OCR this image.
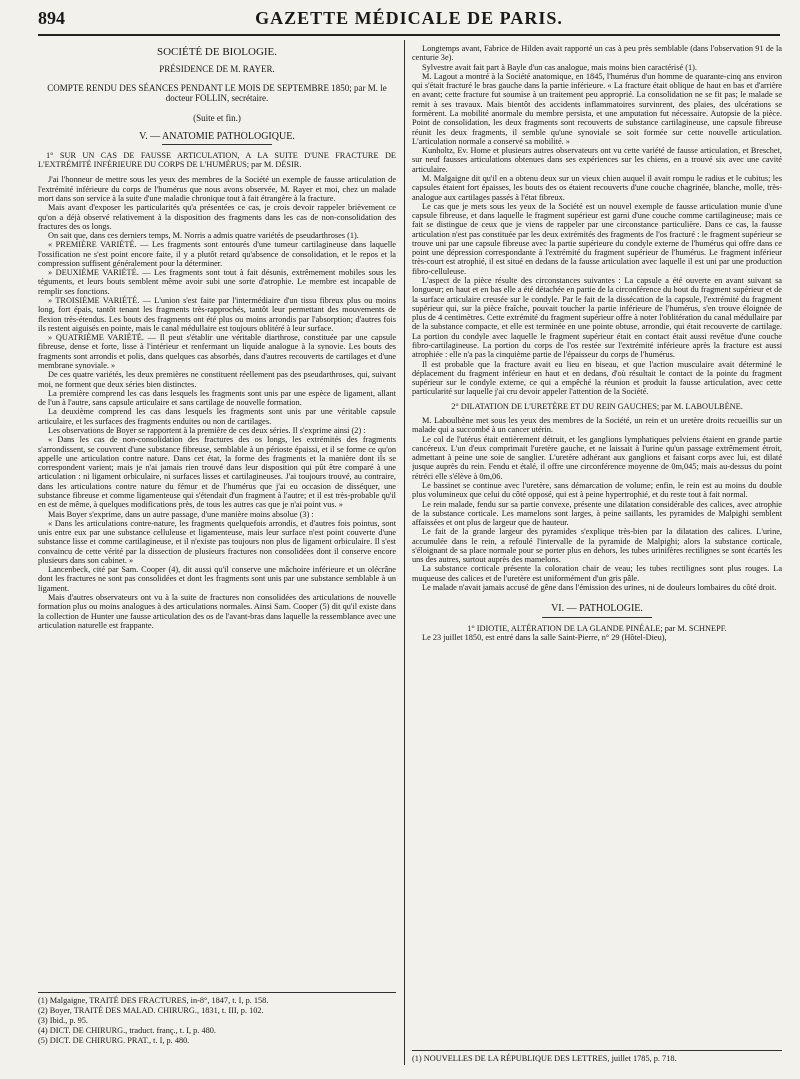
894	GAZETTE MÉDICALE DE PARIS.

SOCIÉTÉ DE BIOLOGIE.

PRÉSIDENCE DE M. RAYER.

COMPTE RENDU DES SÉANCES PENDANT LE MOIS DE SEPTEMBRE 1850; par M. le docteur FOLLIN, secrétaire.

(Suite et fin.)

V. — ANATOMIE PATHOLOGIQUE.

1° SUR UN CAS DE FAUSSE ARTICULATION, A LA SUITE D'UNE FRACTURE DE L'EXTRÉMITÉ INFÉRIEURE DU CORPS DE L'HUMÉRUS; par M. DÉSIR.

J'ai l'honneur de mettre sous les yeux des membres de la Société un exemple de fausse articulation de l'extrémité inférieure du corps de l'humérus que nous avons observée, M. Rayer et moi, chez un malade mort dans son service à la suite d'une maladie chronique tout à fait étrangère à la fracture.

Mais avant d'exposer les particularités qu'a présentées ce cas, je crois devoir rappeler brièvement ce qu'on a déjà observé relativement à la disposition des fragments dans les cas de non-consolidation des fractures des os longs.

On sait que, dans ces derniers temps, M. Norris a admis quatre variétés de pseudarthroses (1).

« PREMIÈRE VARIÉTÉ. — Les fragments sont entourés d'une tumeur cartilagineuse dans laquelle l'ossification ne s'est point encore faite, il y a plutôt retard qu'absence de consolidation, et le repos et la compression suffisent généralement pour la déterminer.

» DEUXIÈME VARIÉTÉ. — Les fragments sont tout à fait désunis, extrêmement mobiles sous les téguments, et leurs bouts semblent même avoir subi une sorte d'atrophie. Le membre est incapable de remplir ses fonctions.

» TROISIÈME VARIÉTÉ. — L'union s'est faite par l'intermédiaire d'un tissu fibreux plus ou moins long, fort épais, tantôt tenant les fragments très-rapprochés, tantôt leur permettant des mouvements de flexion très-étendus. Les bouts des fragments ont été plus ou moins arrondis par l'absorption; d'autres fois ils restent aiguisés en pointe, mais le canal médullaire est toujours oblitéré à leur surface.

» QUATRIÈME VARIÉTÉ. — Il peut s'établir une véritable diarthrose, constituée par une capsule fibreuse, dense et forte, lisse à l'intérieur et renfermant un liquide analogue à la synovie. Les bouts des fragments sont arrondis et polis, dans quelques cas absorbés, dans d'autres recouverts de cartilages et d'une membrane synoviale. »

De ces quatre variétés, les deux premières ne constituent réellement pas des pseudarthroses, qui, suivant moi, ne forment que deux séries bien distinctes.

La première comprend les cas dans lesquels les fragments sont unis par une espèce de ligament, allant de l'un à l'autre, sans capsule articulaire et sans cartilage de nouvelle formation.

La deuxième comprend les cas dans lesquels les fragments sont unis par une véritable capsule articulaire, et les surfaces des fragments enduites ou non de cartilages.

Les observations de Boyer se rapportent à la première de ces deux séries. Il s'exprime ainsi (2) :

« Dans les cas de non-consolidation des fractures des os longs, les extrémités des fragments s'arrondissent, se couvrent d'une substance fibreuse, semblable à un périoste épaissi, et il se forme ce qu'on appelle une articulation contre nature. Dans cet état, la forme des fragments et la manière dont ils se correspondent varient; mais je n'ai jamais rien trouvé dans leur disposition qui pût être comparé à une articulation : ni ligament orbiculaire, ni surfaces lisses et cartilagineuses. J'ai toujours trouvé, au contraire, dans les articulations contre nature du fémur et de l'humérus que j'ai eu occasion de disséquer, une substance fibreuse et comme ligamenteuse qui s'étendait d'un fragment à l'autre; et il est très-probable qu'il en est de même, à quelques modifications près, de tous les autres cas que je n'ai point vus. »

Mais Boyer s'exprime, dans un autre passage, d'une manière moins absolue (3) :

« Dans les articulations contre-nature, les fragments quelquefois arrondis, et d'autres fois pointus, sont unis entre eux par une substance celluleuse et ligamenteuse, mais leur surface n'est point couverte d'une substance lisse et comme cartilagineuse, et il n'existe pas toujours non plus de ligament orbiculaire. Il s'est convaincu de cette vérité par la dissection de plusieurs fractures non consolidées dont il conserve encore plusieurs dans son cabinet. »

Lancenbeck, cité par Sam. Cooper (4), dit aussi qu'il conserve une mâchoire inférieure et un olécrâne dont les fractures ne sont pas consolidées et dont les fragments sont unis par une substance semblable à un ligament.

Mais d'autres observateurs ont vu à la suite de fractures non consolidées des articulations de nouvelle formation plus ou moins analogues à des articulations normales. Ainsi Sam. Cooper (5) dit qu'il existe dans la collection de Hunter une fausse articulation des os de l'avant-bras dans laquelle la ressemblance avec une articulation naturelle est frappante.

(1) Malgaigne, TRAITÉ DES FRACTURES, in-8°, 1847, t. I, p. 158.

(2) Boyer, TRAITÉ DES MALAD. CHIRURG., 1831, t. III, p. 102.

(3) Ibid., p. 95.

(4) DICT. DE CHIRURG., traduct. franç., t. I, p. 480.

(5) DICT. DE CHIRURG. PRAT., t. I, p. 480.

Longtemps avant, Fabrice de Hilden avait rapporté un cas à peu près semblable (dans l'observation 91 de la centurie 3e).

Sylvestre avait fait part à Bayle d'un cas analogue, mais moins bien caractérisé (1).

M. Lagout a montré à la Société anatomique, en 1845, l'humérus d'un homme de quarante-cinq ans environ qui s'était fracturé le bras gauche dans la partie inférieure. « La fracture était oblique de haut en bas et d'arrière en avant; cette fracture fut soumise à un traitement peu approprié. La consolidation ne se fit pas; le malade se remit à ses travaux. Mais bientôt des accidents inflammatoires survinrent, des plaies, des ulcérations se formèrent. La mobilité anormale du membre persista, et une amputation fut nécessaire. Autopsie de la pièce. Point de consolidation, les deux fragments sont recouverts de substance cartilagineuse, une capsule fibreuse réunit les deux fragments, il semble qu'une synoviale se soit formée sur cette nouvelle articulation. L'articulation normale a conservé sa mobilité. »

Kunholtz, Ev. Home et plusieurs autres observateurs ont vu cette variété de fausse articulation, et Breschet, sur neuf fausses articulations obtenues dans ses expériences sur les chiens, en a trouvé six avec une cavité articulaire.

M. Malgaigne dit qu'il en a obtenu deux sur un vieux chien auquel il avait rompu le radius et le cubitus; les capsules étaient fort épaisses, les bouts des os étaient recouverts d'une couche chagrinée, blanche, molle, très-analogue aux cartilages passés à l'état fibreux.

Le cas que je mets sous les yeux de la Société est un nouvel exemple de fausse articulation munie d'une capsule fibreuse, et dans laquelle le fragment supérieur est garni d'une couche comme cartilagineuse; mais ce fait se distingue de ceux que je viens de rappeler par une circonstance particulière. Dans ce cas, la fausse articulation n'est pas constituée par les deux extrémités des fragments de l'os fracturé : le fragment supérieur se trouve uni par une capsule fibreuse avec la partie supérieure du condyle externe de l'humérus qui offre dans ce point une dépression correspondante à l'extrémité du fragment supérieur de l'humérus. Le fragment inférieur très-court est atrophié, il est situé en dedans de la fausse articulation avec laquelle il est uni par une production fibro-celluleuse.

L'aspect de la pièce résulte des circonstances suivantes : La capsule a été ouverte en avant suivant sa longueur; en haut et en bas elle a été détachée en partie de la circonférence du bout du fragment supérieur et de la surface articulaire creusée sur le condyle. Par le fait de la dissécation de la capsule, l'extrémité du fragment supérieur qui, sur la pièce fraîche, pouvait toucher la partie inférieure de l'humérus, s'en trouve éloignée de plus de 4 centimètres. Cette extrémité du fragment supérieur offre à noter l'oblitération du canal médullaire par de la substance compacte, et elle est terminée en une pointe obtuse, arrondie, qui était recouverte de cartilage. La portion du condyle avec laquelle le fragment supérieur était en contact était aussi revêtue d'une couche fibro-cartilagineuse. La portion du corps de l'os restée sur l'extrémité inférieure après la fracture est aussi atrophiée : elle n'a pas la cinquième partie de l'épaisseur du corps de l'humérus.

Il est probable que la fracture avait eu lieu en biseau, et que l'action musculaire avait déterminé le déplacement du fragment inférieur en haut et en dedans, d'où résultait le contact de la pointe du fragment supérieur sur le condyle externe, ce qui a empêché la réunion et produit la fausse articulation, avec cette particularité sur laquelle j'ai cru devoir appeler l'attention de la Société.

2° DILATATION DE L'URETÈRE ET DU REIN GAUCHES; par M. LABOULBÈNE.

M. Laboulbène met sous les yeux des membres de la Société, un rein et un uretère droits recueillis sur un malade qui a succombé à un cancer utérin.

Le col de l'utérus était entièrement détruit, et les ganglions lymphatiques pelviens étaient en grande partie cancéreux. L'un d'eux comprimait l'uretère gauche, et ne laissait à l'urine qu'un passage extrêmement étroit, admettant à peine une soie de sanglier. L'uretère adhérant aux ganglions et faisant corps avec lui, est dilaté jusque auprès du rein. Fendu et étalé, il offre une circonférence moyenne de 0m,045; mais au-dessus du point rétréci elle s'élève à 0m,06.

Le bassinet se continue avec l'uretère, sans démarcation de volume; enfin, le rein est au moins du double plus volumineux que celui du côté opposé, qui est à peine hypertrophié, et du reste tout à fait normal.

Le rein malade, fendu sur sa partie convexe, présente une dilatation considérable des calices, avec atrophie de la substance corticale. Les mamelons sont larges, à peine saillants, les pyramides de Malpighi semblent affaissées et ont plus de largeur que de hauteur.

Le fait de la grande largeur des pyramides s'explique très-bien par la dilatation des calices. L'urine, accumulée dans le rein, a refoulé l'intervalle de la pyramide de Malpighi; alors la substance corticale, s'éloignant de sa place normale pour se porter plus en dehors, les tubes urinifères rectilignes se sont écartés les uns des autres, surtout auprès des mamelons.

La substance corticale présente la coloration chair de veau; les tubes rectilignes sont plus rouges. La muqueuse des calices et de l'uretère est uniformément d'un gris pâle.

Le malade n'avait jamais accusé de gêne dans l'émission des urines, ni de douleurs lombaires du côté droit.

VI. — PATHOLOGIE.

1° IDIOTIE, ALTÉRATION DE LA GLANDE PINÉALE; par M. SCHNEPF.

Le 23 juillet 1850, est entré dans la salle Saint-Pierre, n° 29 (Hôtel-Dieu),

(1) NOUVELLES DE LA RÉPUBLIQUE DES LETTRES, juillet 1785, p. 718.
